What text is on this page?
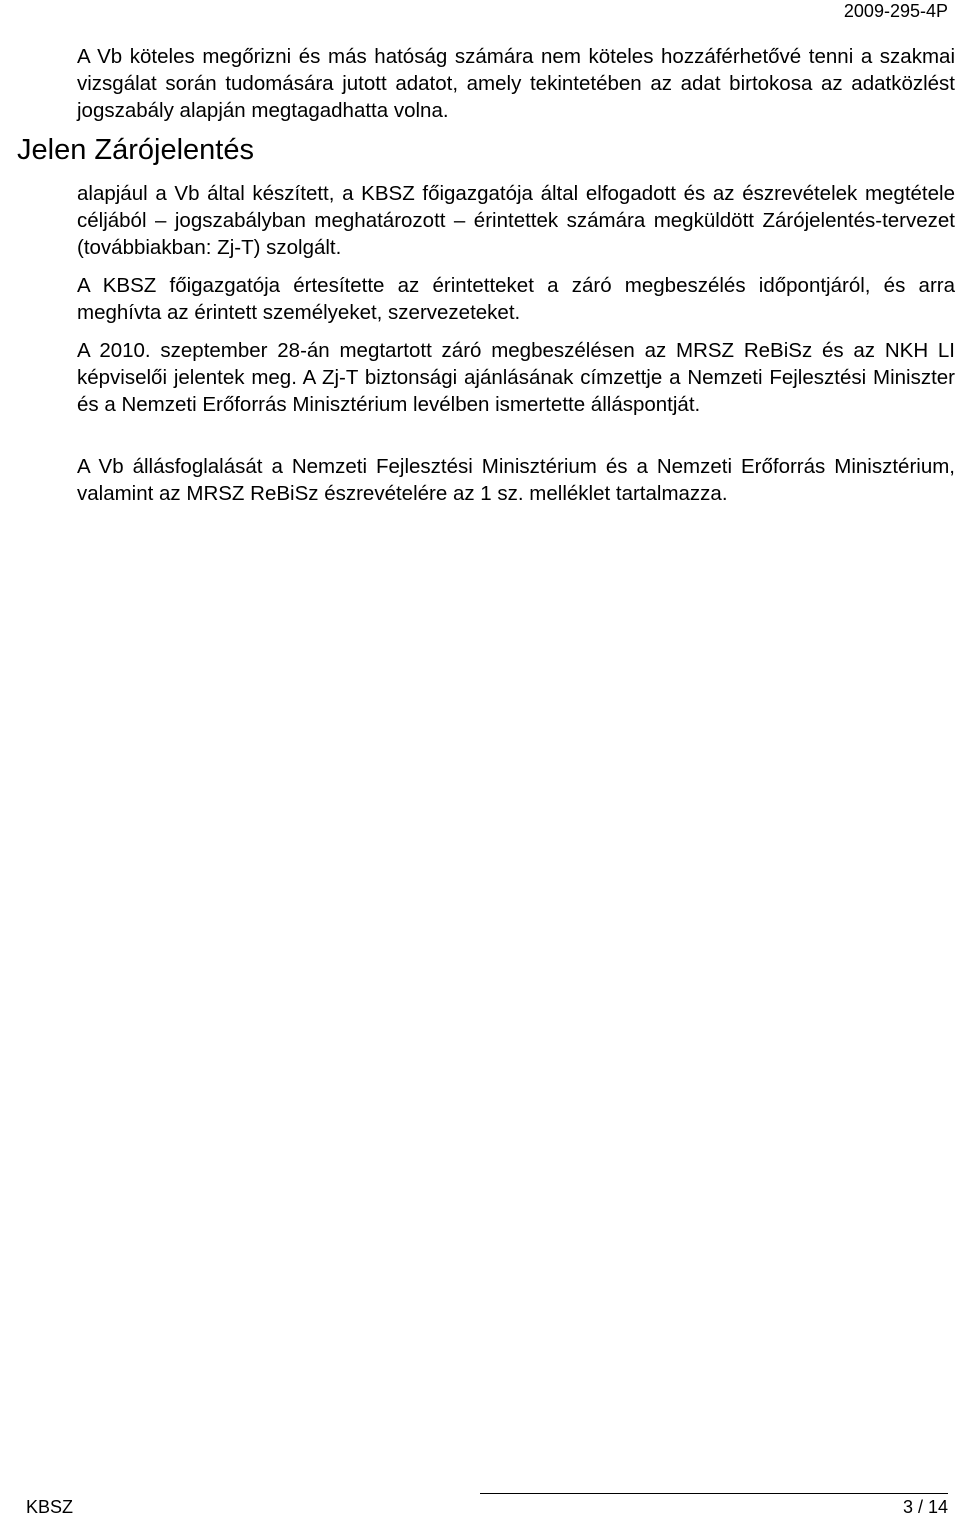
2009-295-4P

A Vb köteles megőrizni és más hatóság számára nem köteles hozzáférhetővé tenni a szakmai vizsgálat során tudomására jutott adatot, amely tekintetében az adat birtokosa az adatközlést jogszabály alapján megtagadhatta volna.

Jelen Zárójelentés

alapjául a Vb által készített, a KBSZ főigazgatója által elfogadott és az észrevételek megtétele céljából – jogszabályban meghatározott – érintettek számára megküldött Zárójelentés-tervezet (továbbiakban: Zj-T) szolgált.

A KBSZ főigazgatója értesítette az érintetteket a záró megbeszélés időpontjáról, és arra meghívta az érintett személyeket, szervezeteket.

A 2010. szeptember 28-án megtartott záró megbeszélésen az MRSZ ReBiSz és az NKH LI képviselői jelentek meg. A Zj-T biztonsági ajánlásának címzettje a Nemzeti Fejlesztési Miniszter és a Nemzeti Erőforrás Minisztérium levélben ismertette álláspontját.

A Vb állásfoglalását a Nemzeti Fejlesztési Minisztérium és a Nemzeti Erőforrás Minisztérium, valamint az MRSZ ReBiSz észrevételére az 1 sz. melléklet tartalmazza.

KBSZ	3 / 14
